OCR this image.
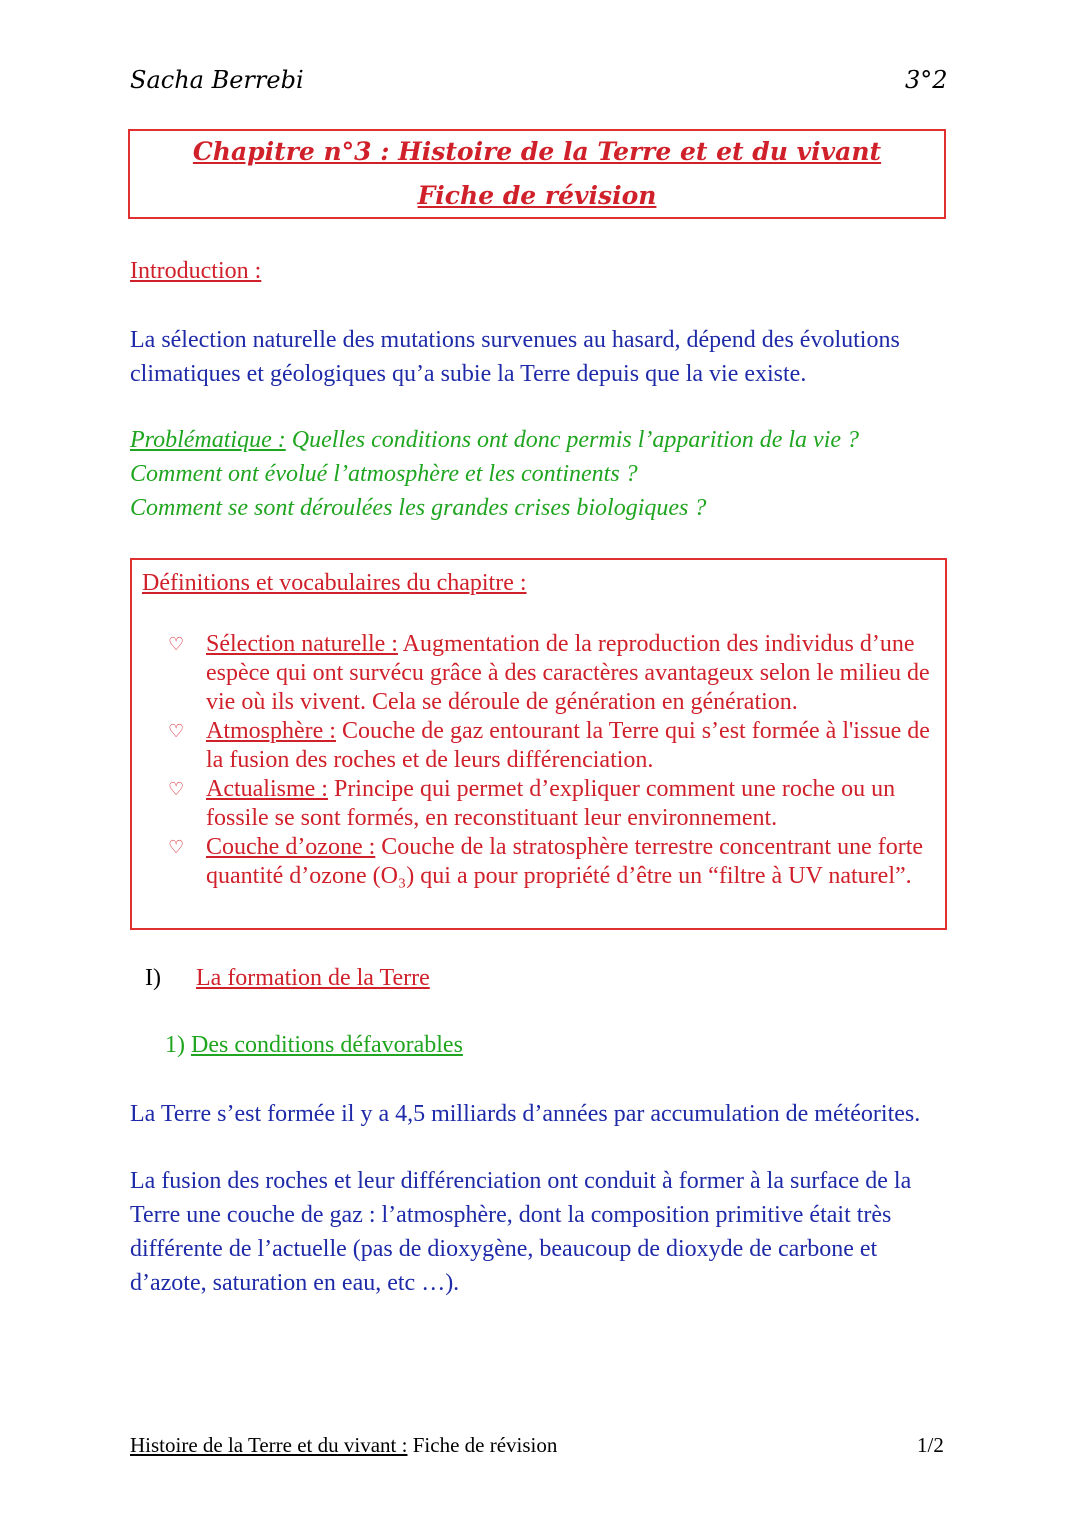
Sacha Berrebi	3°2
Chapitre n°3 : Histoire de la Terre et et du vivant
Fiche de révision
Introduction :
La sélection naturelle des mutations survenues au hasard, dépend des évolutions climatiques et géologiques qu’a subie la Terre depuis que la vie existe.
Problématique : Quelles conditions ont donc permis l’apparition de la vie ?
Comment ont évolué l’atmosphère et les continents ?
Comment se sont déroulées les grandes crises biologiques ?
Définitions et vocabulaires du chapitre :
♡ Sélection naturelle : Augmentation de la reproduction des individus d’une espèce qui ont survécu grâce à des caractères avantageux selon le milieu de vie où ils vivent. Cela se déroule de génération en génération.
♡ Atmosphère : Couche de gaz entourant la Terre qui s’est formée à l'issue de la fusion des roches et de leurs différenciation.
♡ Actualisme : Principe qui permet d’expliquer comment une roche ou un fossile se sont formés, en reconstituant leur environnement.
♡ Couche d’ozone : Couche de la stratosphère terrestre concentrant une forte quantité d’ozone (O₃) qui a pour propriété d’être un “filtre à UV naturel”.
I) La formation de la Terre
1) Des conditions défavorables
La Terre s’est formée il y a 4,5 milliards d’années par accumulation de météorites.
La fusion des roches et leur différenciation ont conduit à former à la surface de la Terre une couche de gaz : l’atmosphère, dont la composition primitive était très différente de l’actuelle (pas de dioxygène, beaucoup de dioxyde de carbone et d’azote, saturation en eau, etc …).
Histoire de la Terre et du vivant : Fiche de révision	1/2
